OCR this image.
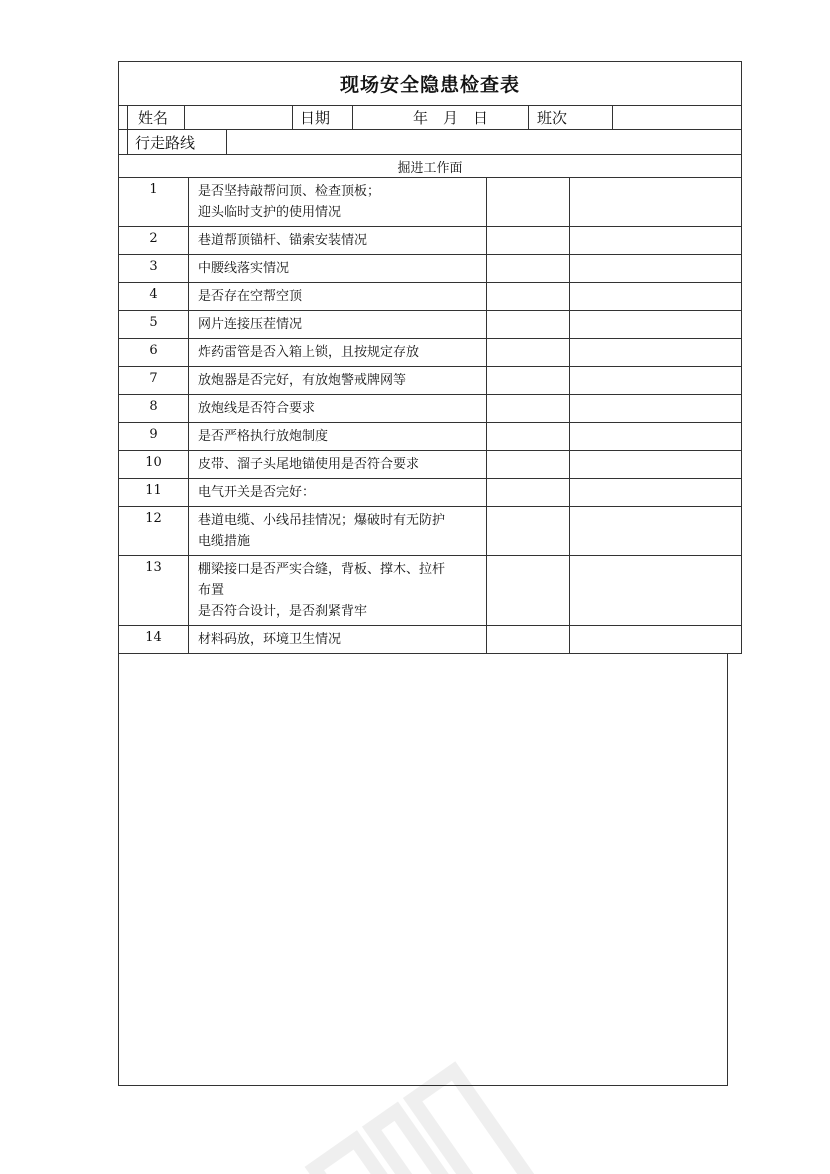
现场安全隐患检查表
姓名	日期	年　月　日	班次
行走路线
掘进工作面
1	是否坚持敲帮问顶、检查顶板；
迎头临时支护的使用情况
2	巷道帮顶锚杆、锚索安装情况
3	中腰线落实情况
4	是否存在空帮空顶
5	网片连接压茬情况
6	炸药雷管是否入箱上锁，且按规定存放
7	放炮器是否完好，有放炮警戒牌网等
8	放炮线是否符合要求
9	是否严格执行放炮制度
10	皮带、溜子头尾地锚使用是否符合要求
11	电气开关是否完好：
12	巷道电缆、小线吊挂情况；爆破时有无防护
电缆措施
13	棚梁接口是否严实合缝，背板、撑木、拉杆
布置
是否符合设计，是否刹紧背牢
14	材料码放，环境卫生情况
